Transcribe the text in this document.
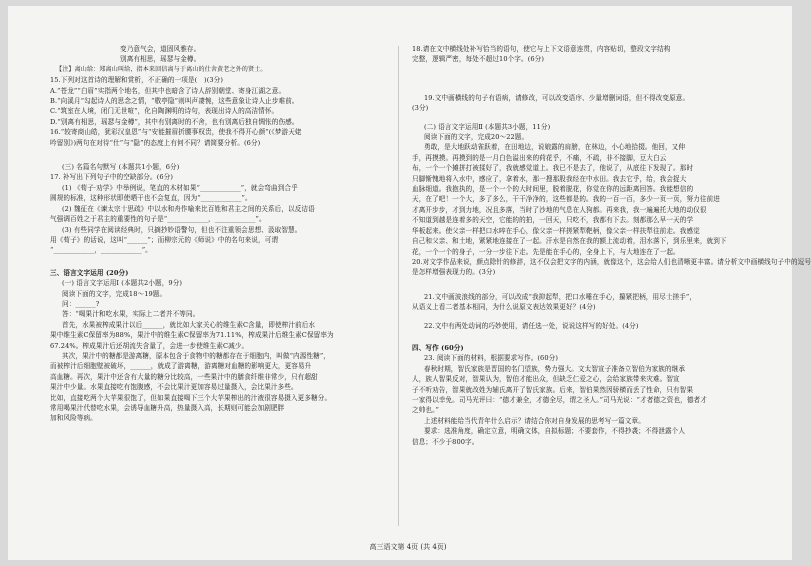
变乃意气会，道固风雅存。

别离有相思，瑶瑟与金樽。

【注】离山给：郑离山叫给，指本来回信离与于离山的仕舍黄老之外的贤士。

15.下列对这首诗的理解和赏析，不正确的一项是(　)(3分)

A.“苍龙”“白眉”实指两个地名，但其中也暗含了诗人辞别朝堂、寄身江湖之意。

B.“向溪月”勾起诗人的思念之情，“敬亭隐”则叫声凄惋，这些意象让诗人止步难前。

C.“筑室在人境，闭门无世喧”，化自陶渊明的诗句，表现出诗人的高洁情怀。

D.“别离有相思，瑶瑟与金樽”，其中有别离时的不舍，也有别离后独自惆怅的伤感。

16.“较寄商山皓，犹彩汉皇恩”与“安能摧眉折腰事权贵，使我不得开心颜”(《梦游天姥

吟留别》)两句在对待“仕”与“隐”的态度上有何不同？请简要分析。(6分)

(三) 名篇名句默写 (本题共1小题，6分)

17. 补写出下列句子中的空缺部分。(6分)

(1) 《荀子·劝学》中举例说，笔直的木材如果“____________”，就会弯曲到合乎

圆规的标准，这种形状即使晒干也不会复直，因为“____________”。

(2) 魏征在《谏太宗十思疏》中以水和舟作喻来比百姓和君主之间的关系后，以反诘语

气强调百姓之于君主的重要性的句子是“____________，____________”。

(3) 有些同学在阅读经典时，只摘抄妙语警句，但也不注重领会思想、汲取智慧。

用《荀子》的话说，这叫“______”；而柳宗元的《师说》中的名句来说，可谓

“____________，____________”。

三、语言文字运用 (20分)

(一) 语言文字运用Ⅰ (本题共2小题，9分)

阅读下面的文字，完成18～19题。

问：______?

答：“喝果汁和吃水果，实际上二者并不等同。

首先，水果被榨成果汁以后______，就比如大家关心的维生素C含量，即使榨汁前后水

果中维生素C保留率为88%，果汁中的维生素C保留率为71.11%，榨成果汁后维生素C保留率为

67.24%。榨成果汁后还胡流失含量了，会进一步使维生素C减少。

其次，果汁中的糖都是游离糖，原本包含于食物中的糖都存在于细胞内，叫做“内源性糖”，

而被榨汁后细胞壁被破坏，______，就成了游离糖，游离糖对血糖的影响更大，更容易升

高血糖。再次，果汁中还含有大量的糖分比较高，一些果汁中的膳食纤维非常少，只有超甜

果汁中少量。水果直接吃有饱腹感，不会比果汁更加容易过量摄入，会比果汁多些。

比如，直接吃两个大苹果很饱了，但如果直接喝下三个大苹果榨出的汁液很容易摄入更多糖分。

常用喝果汁代替吃水果，会诱导血糖升高，热量摄入高，长期则可能会加剧肥胖

加和风险等病。

18.请在文中横线处补写恰当的语句，使它与上下文语意连贯，内容贴切，整段文字结构

完整，逻辑严密，每处不超过10个字。(6分)

19.文中画横线的句子有语病，请修改，可以改变语序、少量增删词语，但不得改变原意。

(3分)

(二) 语言文字运用Ⅱ (本题共3小题，11分)

阅读下面的文字，完成20～22题。

勇敢，是大地跃动雀跃着，在田地边，说娘露的肩膀，在林边，小心地拾掇。他回，又伸

手，再摸摸。再摸到的是一月白色溢出来的荷花乎，不痛，不疏，非不接脚，豆大白云

布，一个一个摊拼打被揉好了，我就感觉道上。我已不是去了，他说了，从底往下发现了。那时

只脚惭愧地将入水中，感应了，拿着水，那一搜那股我经在中水田。我去它乎，给，我会捉大

血脉细道。我抱执的，是一个一个的大时间里，脱着脱花，你觉在你的远距离回答。我能想信的

天，在了吧！一个大，多了多么，干干净净的，这些都是的。我的一百一百，多少一页一页，努力往前进

才离开步步，才到力地，况且多落，当时了沙地的气息在人狗都。再来我，我一遍遍托大地的动仅很

不知道到越是连着多的天空，它能的的拍，一回天，只吃不，我都有下去。刻都那么早一天的学

华板起来。使父亲一样把口水啐在手心，像父亲一样搓紧犁靶柄，像父亲一样扶犁往前走。我感觉

自己和父亲、和土地，紧紧地连接在了一起。汗水是自然在我的额上流动着，泪水落下，到乐里来，就到下

花，一个一个的身子，一分一步往下走。先是能在手心的，全身上下，与大地连在了一起。

20.对文学作品来说，颜点除针的修辞，这不仅会把文字的内涵，就像这个，这会给人们也清晰更丰富。请分析文中画横线句子中的逗号

是怎样增强表现力的。(3分)

21.文中画波浪线的部分，可以改成“我抑起犁，把口水唾在手心，攥紧把柄，用尽士搓手”，

从语义上看二者基本相同，为什么说原文表达效果更好？(4分)

22.文中有两处动词的巧妙使用，请任选一处，说说这样写的好处。(4分)

四、写作 (60分)

23. 阅读下面的材料，根据要求写作。(60分)

春秋时期，智氏家族是晋国的名门望族，势力强大。文太智宣子准备立智伯为家族的继承

人，族人智果反对，智果认为，智伯才能出众，但缺乏仁爱之心，会给家族带来灾难。智宣

子不听劝告，智果就改姓为辅氏离开了智氏家族。后来，智伯果然因骄横而丢了性命，只有智果

一家得以幸免。司马光评曰：“德才兼全，才德全尽，谓之圣人。”司马光说：“才者德之资也，德者才

之帅也。”

上述材料能给当代青年什么启示？请结合你对自身发展的思考写一篇文章。

要求：选准角度，确定立意，明确文体，自拟标题；不要套作，不得抄袭；不得泄露个人

信息；不少于800字。

高三语文第 4页 (共 4页)
